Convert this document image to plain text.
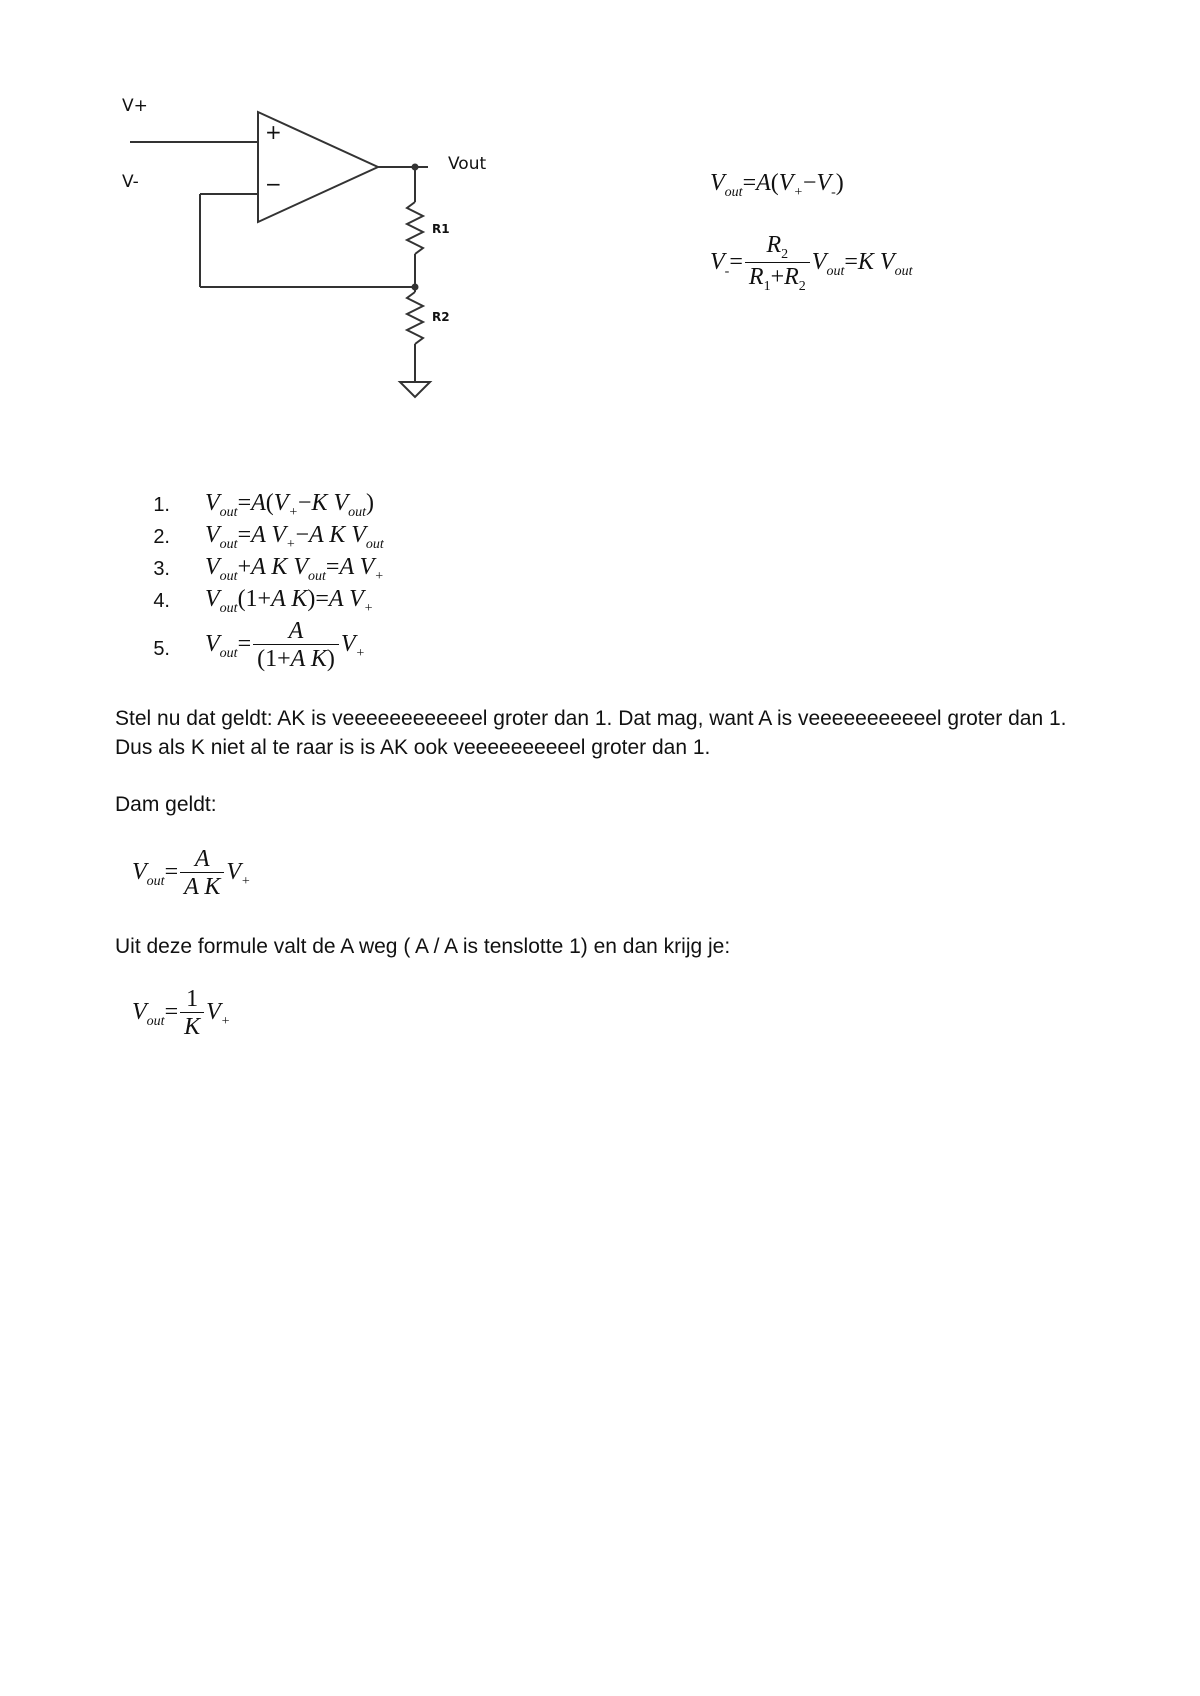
V+
V-
+
−
Vout
R1
R2
$V_{out}=A(V_+-V_-)$
$V_-= \frac{R_2}{R_1+R_2} V_{out}=K$ $V_{out}$
1. $V_{out}=A(V_+-K$ $V_{out}$)
2. $V_{out}=A$ $V_+-A$ K $V_{out}$
3. $V_{out}+A$ K $V_{out}=A$ $V_+$
4. $V_{out}(1+A$ K)=A $V_+$
5. $V_{out}= \frac{A}{\text{(1+A K)}} V_+$
Stel nu dat geldt: AK is veeeeeeeeeeeel groter dan 1. Dat mag, want A is veeeeeeeeeeel groter dan 1. Dus als K niet al te raar is is AK ook veeeeeeeeeel groter dan 1.
Dam geldt:
$V_{out}= \frac{A}{\text{A K}} V_+$
Uit deze formule valt de A weg ( A / A is tenslotte 1) en dan krijg je:
$V_{out}= \frac{1}{K} V_+$
